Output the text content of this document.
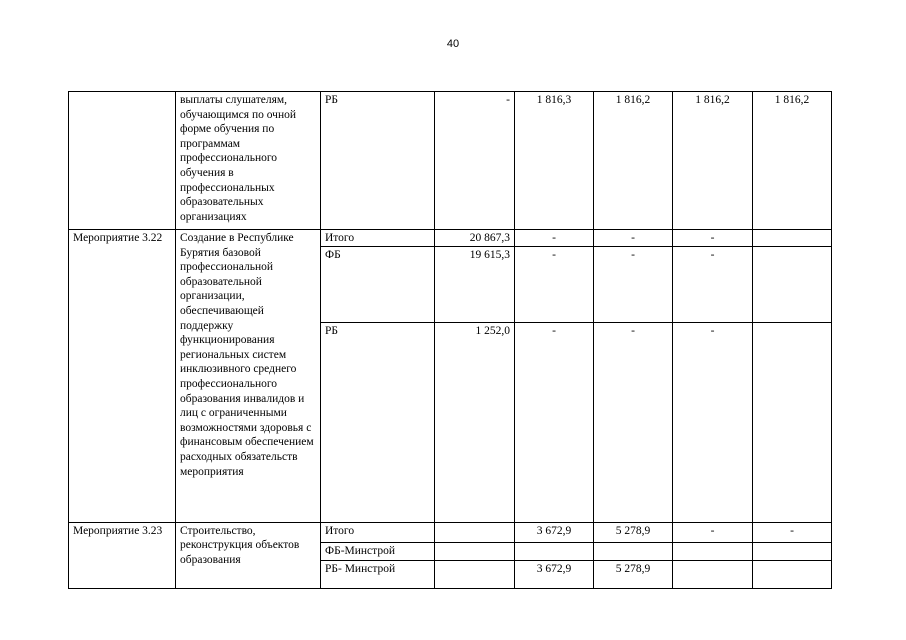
40
	выплаты слушателям, обучающимся по очной форме обучения по программам профессионального обучения в профессиональных образовательных организациях	РБ	-	1 816,3	1 816,2	1 816,2	1 816,2
Мероприятие 3.22	Создание в Республике Бурятия базовой профессиональной образовательной организации, обеспечивающей поддержку функционирования региональных систем инклюзивного среднего профессионального образования инвалидов и лиц с ограниченными возможностями здоровья с финансовым обеспечением расходных обязательств мероприятия	Итого	20 867,3	-	-	-	
		ФБ	19 615,3	-	-	-	
		РБ	1 252,0	-	-	-	
Мероприятие 3.23	Строительство, реконструкция объектов образования	Итого		3 672,9	5 278,9	-	-
		ФБ-Минстрой					
		РБ- Минстрой		3 672,9	5 278,9		
